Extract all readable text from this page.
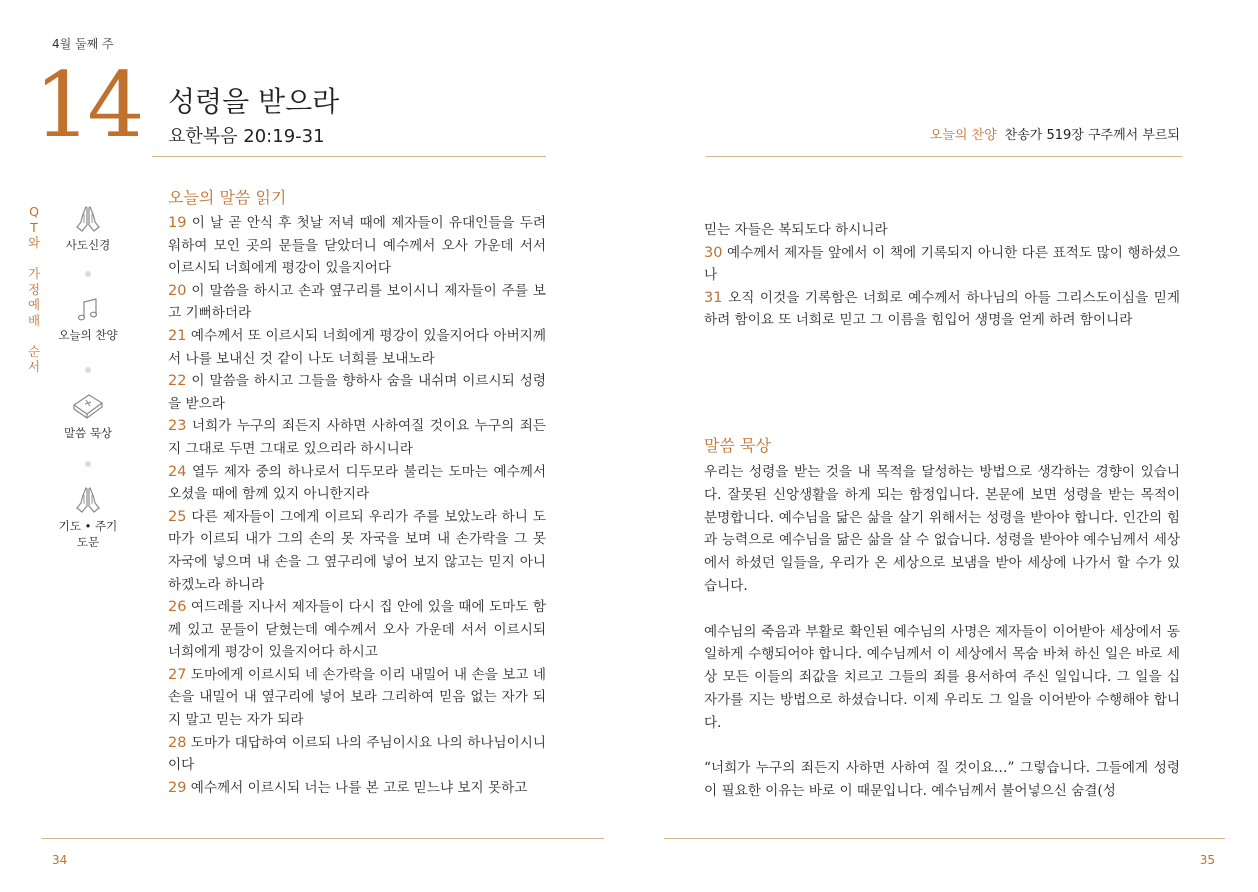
4월 둘째 주
14 성령을 받으라
요한복음 20:19-31	오늘의 찬양 찬송가 519장 구주께서 부르되
Q
T
와
가
정
예
배
순
서
사도신경
오늘의 찬양
말씀 묵상
기도 • 주기도문
오늘의 말씀 읽기

19 이 날 곧 안식 후 첫날 저녁 때에 제자들이 유대인들을 두려워하여 모인 곳의 문들을 닫았더니 예수께서 오사 가운데 서서 이르시되 너희에게 평강이 있을지어다

20 이 말씀을 하시고 손과 옆구리를 보이시니 제자들이 주를 보고 기뻐하더라

21 예수께서 또 이르시되 너희에게 평강이 있을지어다 아버지께서 나를 보내신 것 같이 나도 너희를 보내노라

22 이 말씀을 하시고 그들을 향하사 숨을 내쉬며 이르시되 성령을 받으라

23 너희가 누구의 죄든지 사하면 사하여질 것이요 누구의 죄든지 그대로 두면 그대로 있으리라 하시니라

24 열두 제자 중의 하나로서 디두모라 불리는 도마는 예수께서 오셨을 때에 함께 있지 아니한지라

25 다른 제자들이 그에게 이르되 우리가 주를 보았노라 하니 도마가 이르되 내가 그의 손의 못 자국을 보며 내 손가락을 그 못 자국에 넣으며 내 손을 그 옆구리에 넣어 보지 않고는 믿지 아니하겠노라 하니라

26 여드레를 지나서 제자들이 다시 집 안에 있을 때에 도마도 함께 있고 문들이 닫혔는데 예수께서 오사 가운데 서서 이르시되 너희에게 평강이 있을지어다 하시고

27 도마에게 이르시되 네 손가락을 이리 내밀어 내 손을 보고 네 손을 내밀어 내 옆구리에 넣어 보라 그리하여 믿음 없는 자가 되지 말고 믿는 자가 되라

28 도마가 대답하여 이르되 나의 주님이시요 나의 하나님이시니이다

29 예수께서 이르시되 너는 나를 본 고로 믿느냐 보지 못하고

믿는 자들은 복되도다 하시니라

30 예수께서 제자들 앞에서 이 책에 기록되지 아니한 다른 표적도 많이 행하셨으나

31 오직 이것을 기록함은 너희로 예수께서 하나님의 아들 그리스도이심을 믿게 하려 함이요 또 너희로 믿고 그 이름을 힘입어 생명을 얻게 하려 함이니라

말씀 묵상

우리는 성령을 받는 것을 내 목적을 달성하는 방법으로 생각하는 경향이 있습니다. 잘못된 신앙생활을 하게 되는 함정입니다. 본문에 보면 성령을 받는 목적이 분명합니다. 예수님을 닮은 삶을 살기 위해서는 성령을 받아야 합니다. 인간의 힘과 능력으로 예수님을 닮은 삶을 살 수 없습니다. 성령을 받아야 예수님께서 세상에서 하셨던 일들을, 우리가 온 세상으로 보냄을 받아 세상에 나가서 할 수가 있습니다.

예수님의 죽음과 부활로 확인된 예수님의 사명은 제자들이 이어받아 세상에서 동일하게 수행되어야 합니다. 예수님께서 이 세상에서 목숨 바쳐 하신 일은 바로 세상 모든 이들의 죄값을 치르고 그들의 죄를 용서하여 주신 일입니다. 그 일을 십자가를 지는 방법으로 하셨습니다. 이제 우리도 그 일을 이어받아 수행해야 합니다.

“너희가 누구의 죄든지 사하면 사하여 질 것이요…” 그렇습니다. 그들에게 성령이 필요한 이유는 바로 이 때문입니다. 예수님께서 불어넣으신 숨결(성

34	35
